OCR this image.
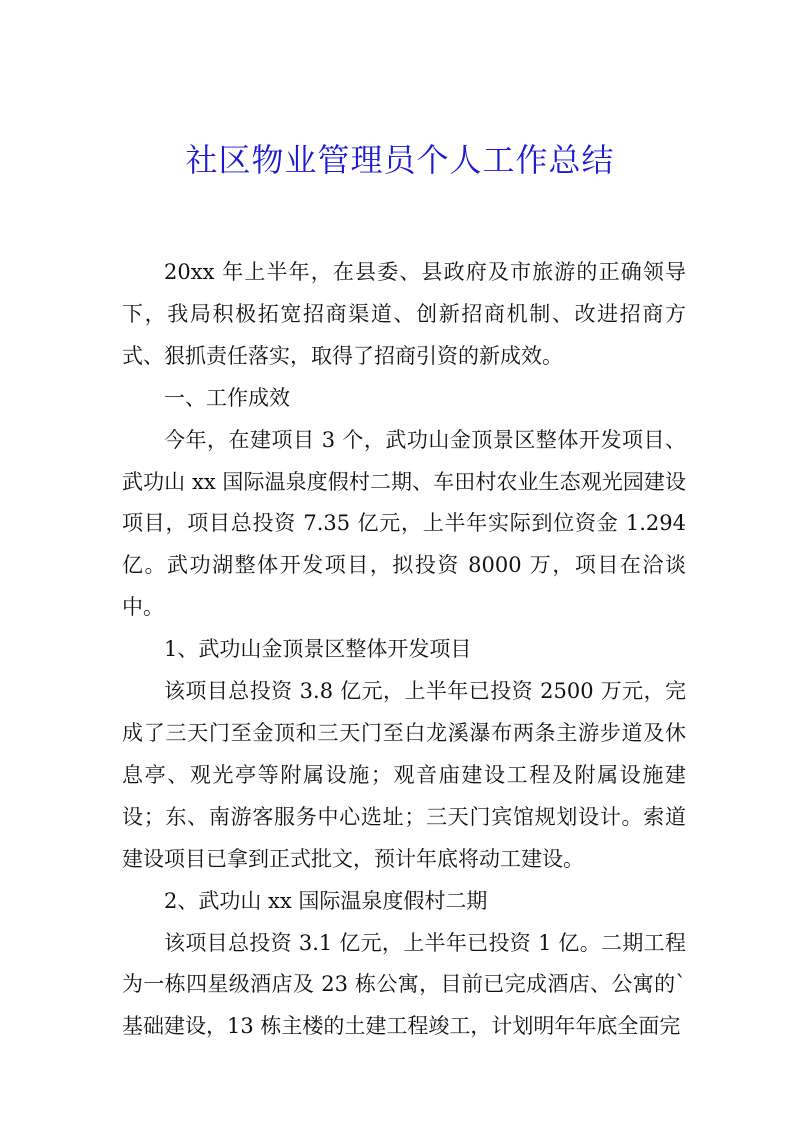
社区物业管理员个人工作总结

20xx 年上半年，在县委、县政府及市旅游的正确领导下，我局积极拓宽招商渠道、创新招商机制、改进招商方式、狠抓责任落实，取得了招商引资的新成效。

一、工作成效

今年，在建项目 3 个，武功山金顶景区整体开发项目、武功山 xx 国际温泉度假村二期、车田村农业生态观光园建设项目，项目总投资 7.35 亿元，上半年实际到位资金 1.294 亿。武功湖整体开发项目，拟投资 8000 万，项目在洽谈中。

1、武功山金顶景区整体开发项目

该项目总投资 3.8 亿元，上半年已投资 2500 万元，完成了三天门至金顶和三天门至白龙溪瀑布两条主游步道及休息亭、观光亭等附属设施；观音庙建设工程及附属设施建设；东、南游客服务中心选址；三天门宾馆规划设计。索道建设项目已拿到正式批文，预计年底将动工建设。

2、武功山 xx 国际温泉度假村二期

该项目总投资 3.1 亿元，上半年已投资 1 亿。二期工程为一栋四星级酒店及 23 栋公寓，目前已完成酒店、公寓的`基础建设，13 栋主楼的土建工程竣工，计划明年年底全面完
